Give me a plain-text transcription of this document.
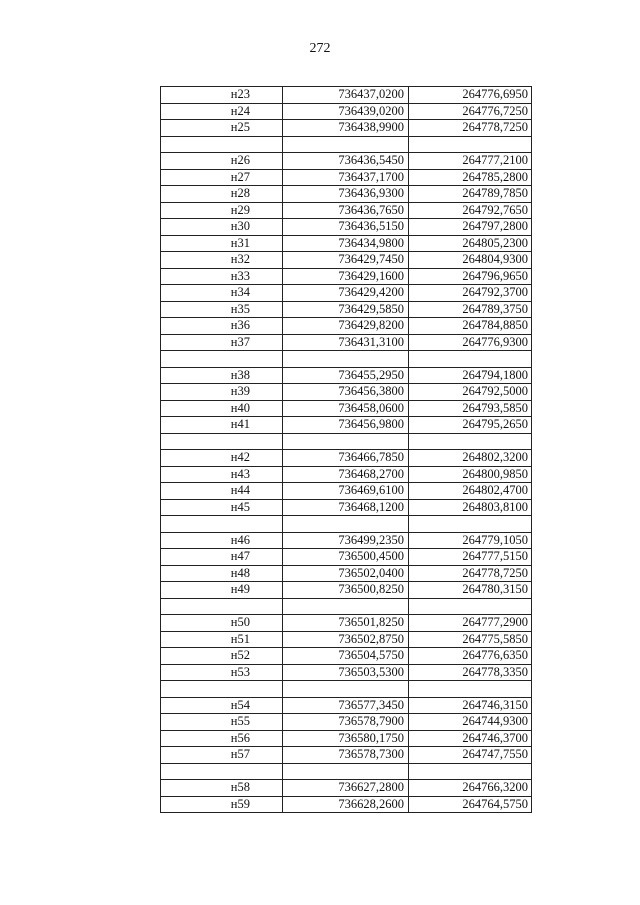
272
н23	736437,0200	264776,6950
н24	736439,0200	264776,7250
н25	736438,9900	264778,7250

н26	736436,5450	264777,2100
н27	736437,1700	264785,2800
н28	736436,9300	264789,7850
н29	736436,7650	264792,7650
н30	736436,5150	264797,2800
н31	736434,9800	264805,2300
н32	736429,7450	264804,9300
н33	736429,1600	264796,9650
н34	736429,4200	264792,3700
н35	736429,5850	264789,3750
н36	736429,8200	264784,8850
н37	736431,3100	264776,9300

н38	736455,2950	264794,1800
н39	736456,3800	264792,5000
н40	736458,0600	264793,5850
н41	736456,9800	264795,2650

н42	736466,7850	264802,3200
н43	736468,2700	264800,9850
н44	736469,6100	264802,4700
н45	736468,1200	264803,8100

н46	736499,2350	264779,1050
н47	736500,4500	264777,5150
н48	736502,0400	264778,7250
н49	736500,8250	264780,3150

н50	736501,8250	264777,2900
н51	736502,8750	264775,5850
н52	736504,5750	264776,6350
н53	736503,5300	264778,3350

н54	736577,3450	264746,3150
н55	736578,7900	264744,9300
н56	736580,1750	264746,3700
н57	736578,7300	264747,7550

н58	736627,2800	264766,3200
н59	736628,2600	264764,5750
